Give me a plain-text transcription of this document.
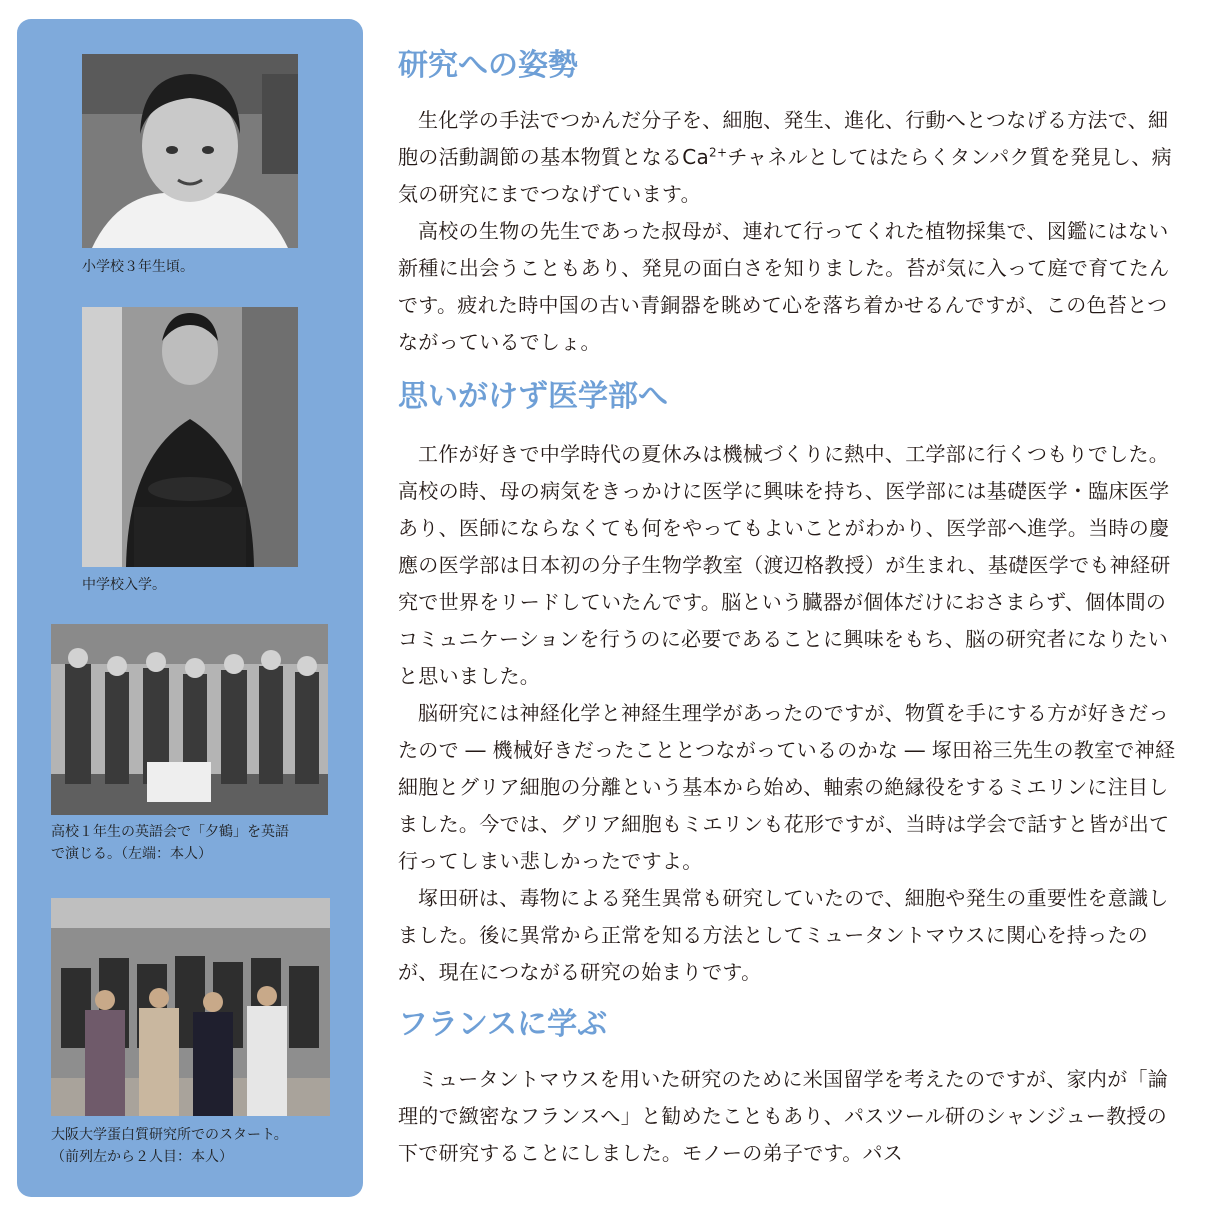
小学校３年生頃。

中学校入学。

高校１年生の英語会で「夕鶴」を英語
で演じる。（左端：本人）

大阪大学蛋白質研究所でのスタート。
（前列左から２人目：本人）

研究への姿勢

生化学の手法でつかんだ分子を、細胞、発生、進化、行動へとつなげる方法で、細胞の活動調節の基本物質となる$Ca^{2+}$チャネルとしてはたらくタンパク質を発見し、病気の研究にまでつなげています。

高校の生物の先生であった叔母が、連れて行ってくれた植物採集で、図鑑にはない新種に出会うこともあり、発見の面白さを知りました。苔が気に入って庭で育てたんです。疲れた時中国の古い青銅器を眺めて心を落ち着かせるんですが、この色苔とつながっているでしょ。

思いがけず医学部へ

工作が好きで中学時代の夏休みは機械づくりに熱中、工学部に行くつもりでした。高校の時、母の病気をきっかけに医学に興味を持ち、医学部には基礎医学・臨床医学あり、医師にならなくても何をやってもよいことがわかり、医学部へ進学。当時の慶應の医学部は日本初の分子生物学教室（渡辺格教授）が生まれ、基礎医学でも神経研究で世界をリードしていたんです。脳という臓器が個体だけにおさまらず、個体間のコミュニケーションを行うのに必要であることに興味をもち、脳の研究者になりたいと思いました。

脳研究には神経化学と神経生理学があったのですが、物質を手にする方が好きだったので ― 機械好きだったこととつながっているのかな ― 塚田裕三先生の教室で神経細胞とグリア細胞の分離という基本から始め、軸索の絶縁役をするミエリンに注目しました。今では、グリア細胞もミエリンも花形ですが、当時は学会で話すと皆が出て行ってしまい悲しかったですよ。

塚田研は、毒物による発生異常も研究していたので、細胞や発生の重要性を意識しました。後に異常から正常を知る方法としてミュータントマウスに関心を持ったのが、現在につながる研究の始まりです。

フランスに学ぶ

ミュータントマウスを用いた研究のために米国留学を考えたのですが、家内が「論理的で緻密なフランスへ」と勧めたこともあり、パスツール研のシャンジュー教授の下で研究することにしました。モノーの弟子です。パス
